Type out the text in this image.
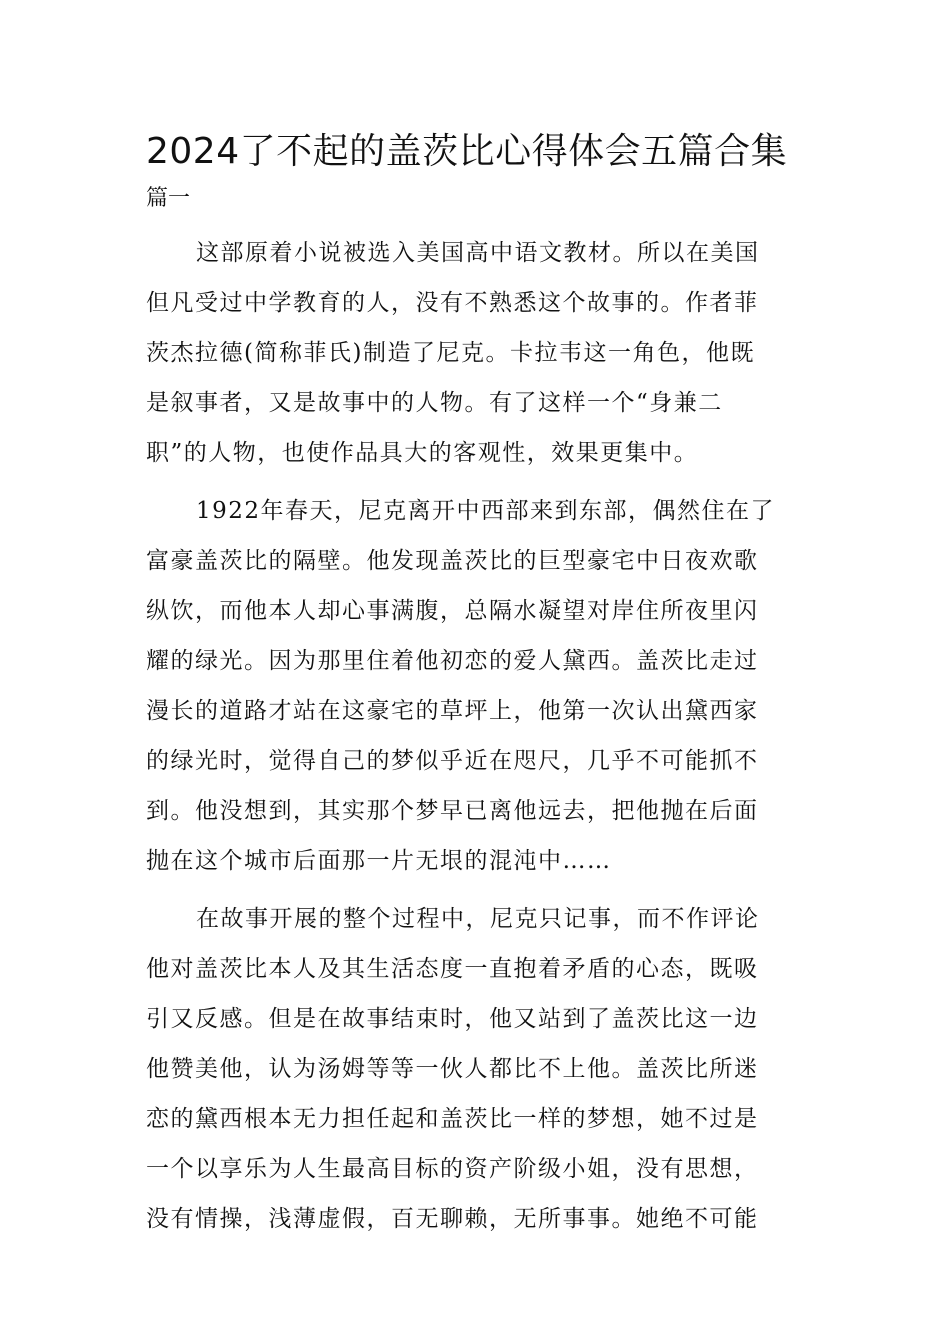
2024了不起的盖茨比心得体会五篇合集
篇一
这部原着小说被选入美国高中语文教材。所以在美国
但凡受过中学教育的人，没有不熟悉这个故事的。作者菲
茨杰拉德(简称菲氏)制造了尼克。卡拉韦这一角色，他既
是叙事者，又是故事中的人物。有了这样一个“身兼二
职”的人物，也使作品具大的客观性，效果更集中。
1922年春天，尼克离开中西部来到东部，偶然住在了
富豪盖茨比的隔壁。他发现盖茨比的巨型豪宅中日夜欢歌
纵饮，而他本人却心事满腹，总隔水凝望对岸住所夜里闪
耀的绿光。因为那里住着他初恋的爱人黛西。盖茨比走过
漫长的道路才站在这豪宅的草坪上，他第一次认出黛西家
的绿光时，觉得自己的梦似乎近在咫尺，几乎不可能抓不
到。他没想到，其实那个梦早已离他远去，把他抛在后面
抛在这个城市后面那一片无垠的混沌中……
在故事开展的整个过程中，尼克只记事，而不作评论
他对盖茨比本人及其生活态度一直抱着矛盾的心态，既吸
引又反感。但是在故事结束时，他又站到了盖茨比这一边
他赞美他，认为汤姆等等一伙人都比不上他。盖茨比所迷
恋的黛西根本无力担任起和盖茨比一样的梦想，她不过是
一个以享乐为人生最高目标的资产阶级小姐，没有思想，
没有情操，浅薄虚假，百无聊赖，无所事事。她绝不可能
